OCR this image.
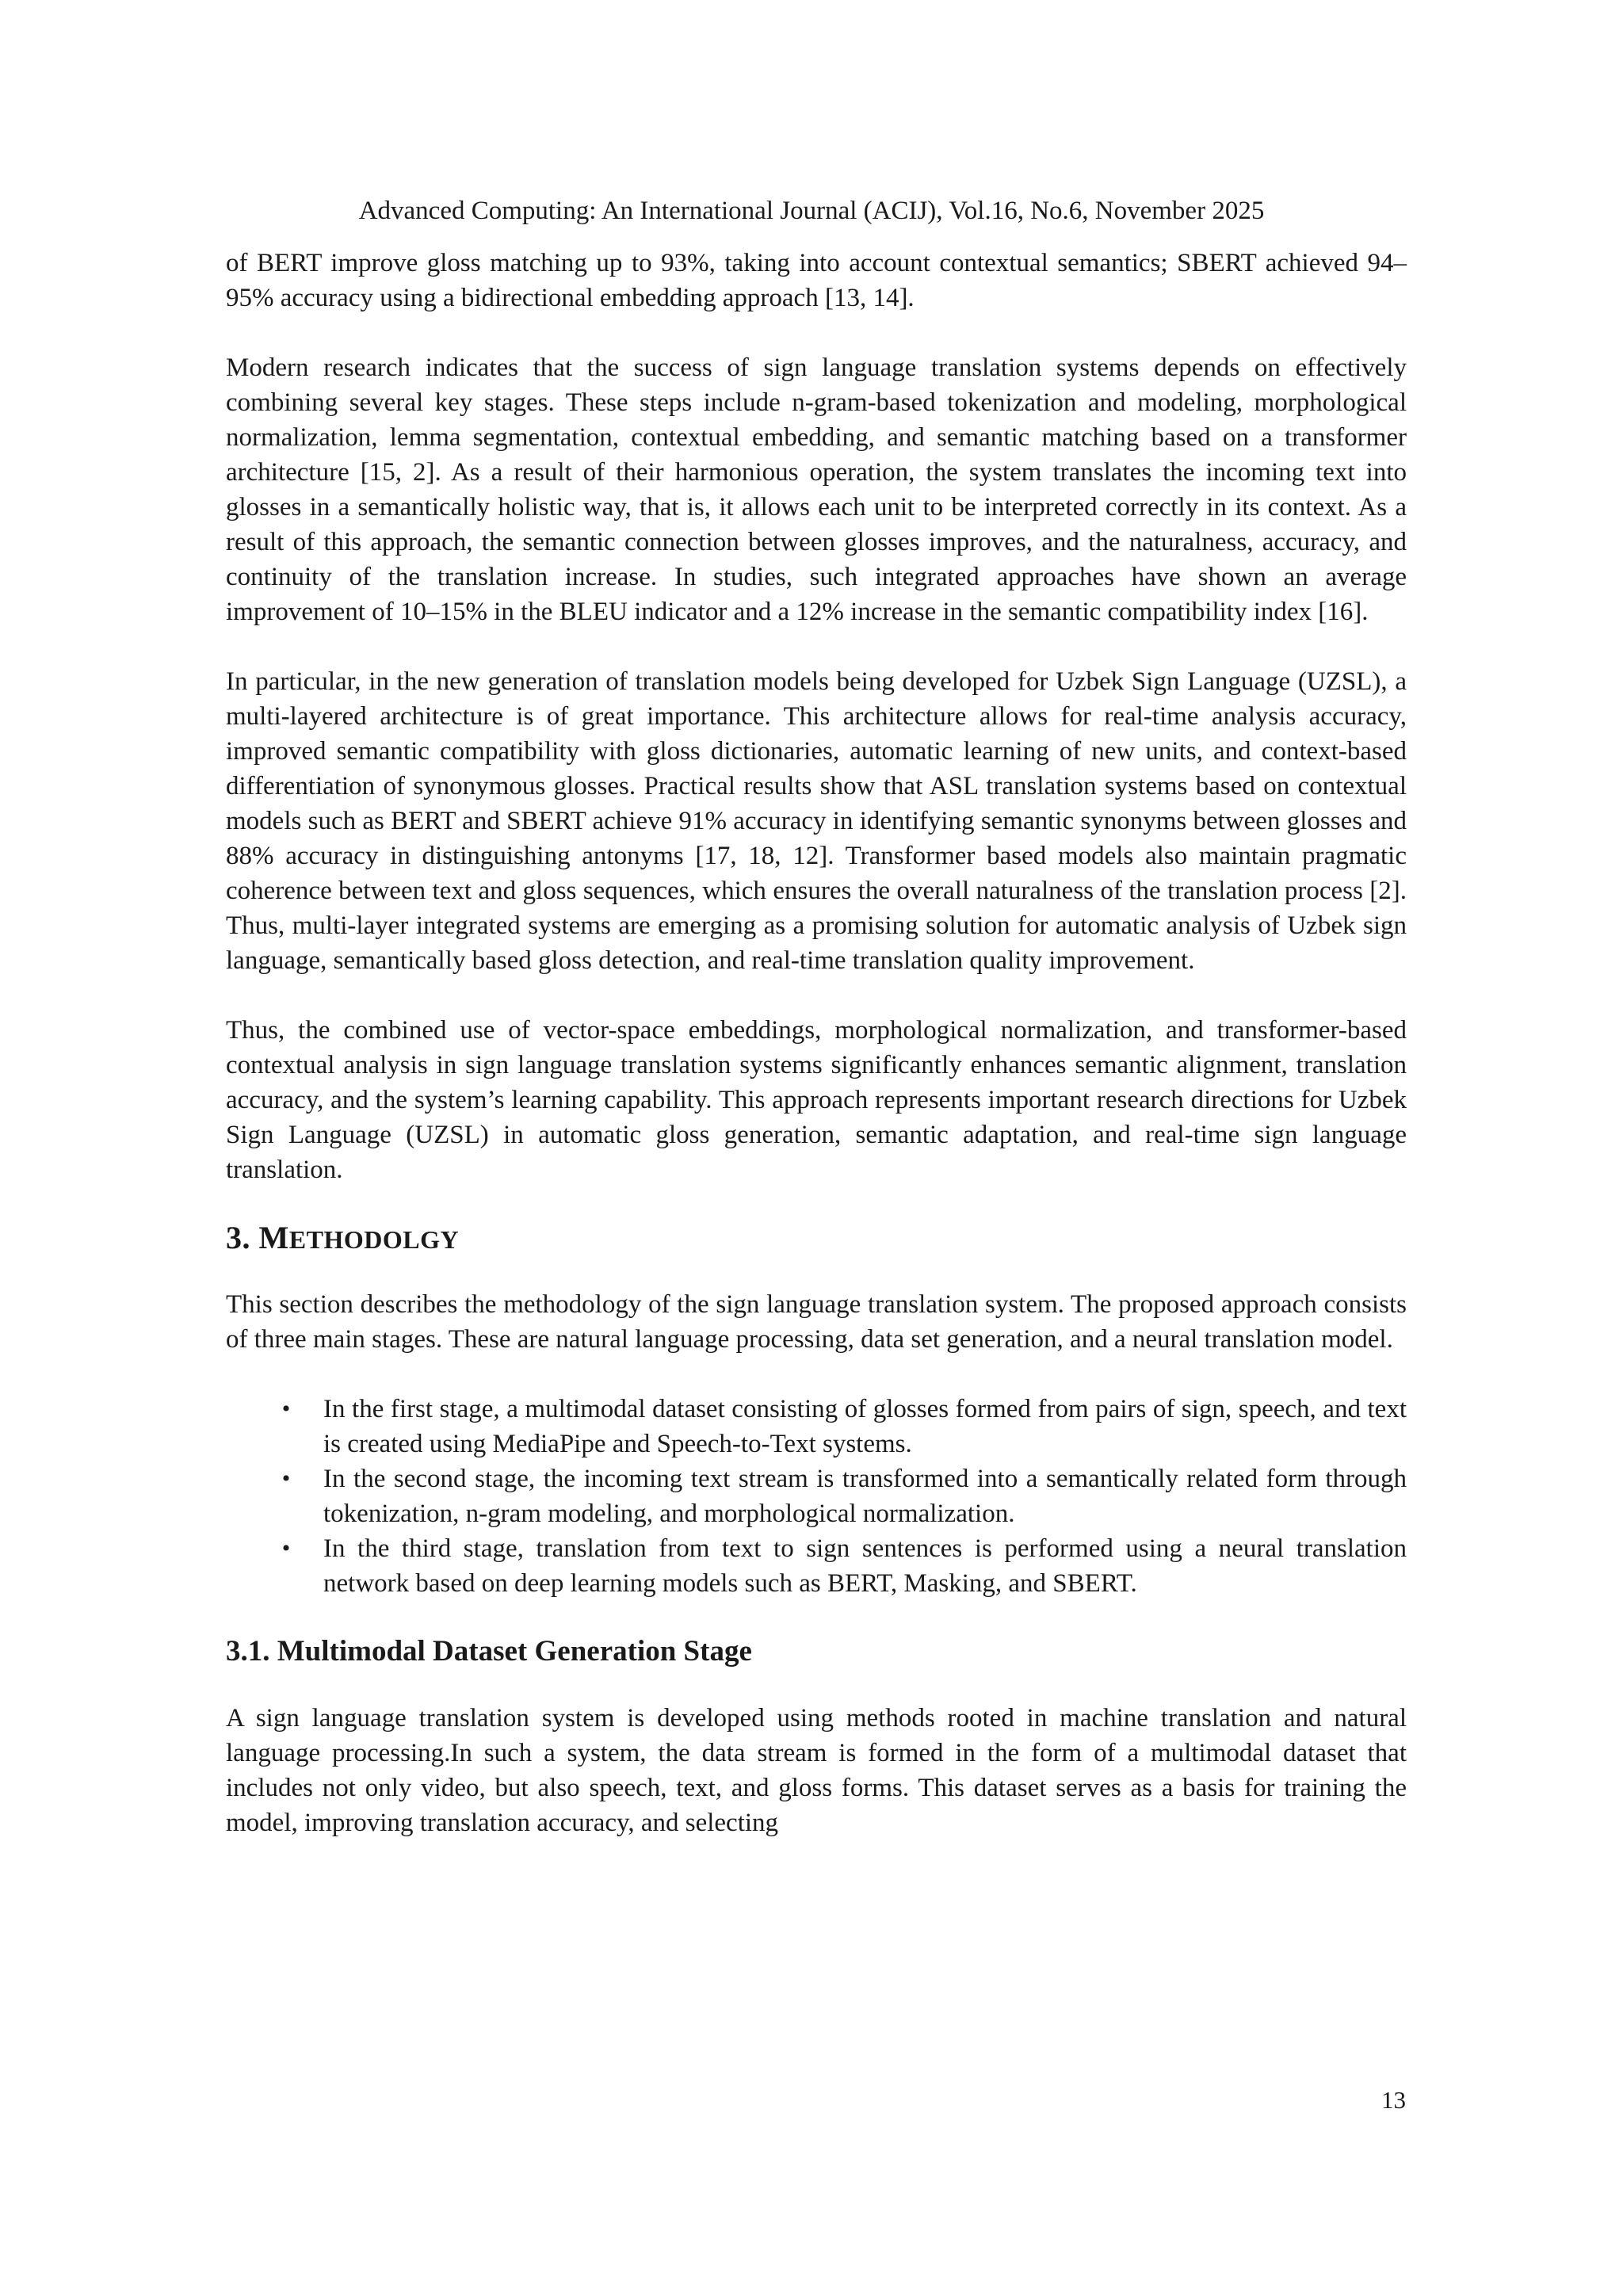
Advanced Computing: An International Journal (ACIJ), Vol.16, No.6, November 2025

of BERT improve gloss matching up to 93%, taking into account contextual semantics; SBERT achieved 94–95% accuracy using a bidirectional embedding approach [13, 14].

Modern research indicates that the success of sign language translation systems depends on effectively combining several key stages. These steps include n-gram-based tokenization and modeling, morphological normalization, lemma segmentation, contextual embedding, and semantic matching based on a transformer architecture [15, 2]. As a result of their harmonious operation, the system translates the incoming text into glosses in a semantically holistic way, that is, it allows each unit to be interpreted correctly in its context. As a result of this approach, the semantic connection between glosses improves, and the naturalness, accuracy, and continuity of the translation increase. In studies, such integrated approaches have shown an average improvement of 10–15% in the BLEU indicator and a 12% increase in the semantic compatibility index [16].

In particular, in the new generation of translation models being developed for Uzbek Sign Language (UZSL), a multi-layered architecture is of great importance. This architecture allows for real-time analysis accuracy, improved semantic compatibility with gloss dictionaries, automatic learning of new units, and context-based differentiation of synonymous glosses. Practical results show that ASL translation systems based on contextual models such as BERT and SBERT achieve 91% accuracy in identifying semantic synonyms between glosses and 88% accuracy in distinguishing antonyms [17, 18, 12]. Transformer based models also maintain pragmatic coherence between text and gloss sequences, which ensures the overall naturalness of the translation process [2]. Thus, multi-layer integrated systems are emerging as a promising solution for automatic analysis of Uzbek sign language, semantically based gloss detection, and real-time translation quality improvement.

Thus, the combined use of vector-space embeddings, morphological normalization, and transformer-based contextual analysis in sign language translation systems significantly enhances semantic alignment, translation accuracy, and the system’s learning capability. This approach represents important research directions for Uzbek Sign Language (UZSL) in automatic gloss generation, semantic adaptation, and real-time sign language translation.

3. METHODOLGY

This section describes the methodology of the sign language translation system. The proposed approach consists of three main stages. These are natural language processing, data set generation, and a neural translation model.

• In the first stage, a multimodal dataset consisting of glosses formed from pairs of sign, speech, and text is created using MediaPipe and Speech-to-Text systems.
• In the second stage, the incoming text stream is transformed into a semantically related form through tokenization, n-gram modeling, and morphological normalization.
• In the third stage, translation from text to sign sentences is performed using a neural translation network based on deep learning models such as BERT, Masking, and SBERT.
3.1. Multimodal Dataset Generation Stage

A sign language translation system is developed using methods rooted in machine translation and natural language processing.In such a system, the data stream is formed in the form of a multimodal dataset that includes not only video, but also speech, text, and gloss forms. This dataset serves as a basis for training the model, improving translation accuracy, and selecting

13
